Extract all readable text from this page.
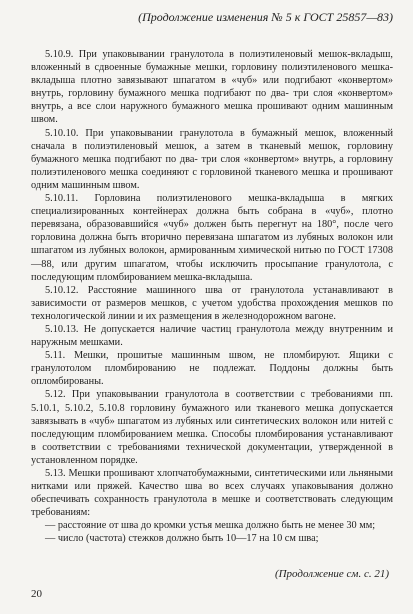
(Продолжение изменения № 5 к ГОСТ 25857—83)

5.10.9. При упаковывании гранулотола в полиэтиленовый мешок-вкладыш, вложенный в сдвоенные бумажные мешки, горловину полиэтиленового мешка-вкладыша плотно завязывают шпагатом в «чуб» или подгибают «конвертом» внутрь, горловину бумажного мешка подгибают по два- три слоя «конвертом» внутрь, а все слои наружного бумажного мешка прошивают одним машинным швом.

5.10.10. При упаковывании гранулотола в бумажный мешок, вложенный сначала в полиэтиленовый мешок, а затем в тканевый мешок, горловину бумажного мешка подгибают по два- три слоя «конвертом» внутрь, а горловину полиэтиленового мешка соединяют с горловиной тканевого мешка и прошивают одним машинным швом.

5.10.11. Горловина полиэтиленового мешка-вкладыша в мягких специализированных контейнерах должна быть собрана в «чуб», плотно перевязана, образовавшийся «чуб» должен быть перегнут на 180°, после чего горловина должна быть вторично перевязана шпагатом из лубяных волокон или шпагатом из лубяных волокон, армированным химической нитью по ГОСТ 17308—88, или другим шпагатом, чтобы исключить просыпание гранулотола, с последующим пломбированием мешка-вкладыша.

5.10.12. Расстояние машинного шва от гранулотола устанавливают в зависимости от размеров мешков, с учетом удобства прохождения мешков по технологической линии и их размещения в железнодорожном вагоне.

5.10.13. Не допускается наличие частиц гранулотола между внутренним и наружным мешками.

5.11. Мешки, прошитые машинным швом, не пломбируют. Ящики с гранулотолом пломбированию не подлежат. Поддоны должны быть опломбированы.

5.12. При упаковывании гранулотола в соответствии с требованиями пп. 5.10.1, 5.10.2, 5.10.8 горловину бумажного или тканевого мешка допускается завязывать в «чуб» шпагатом из лубяных или синтетических волокон или нитей с последующим пломбированием мешка. Способы пломбирования устанавливают в соответствии с требованиями технической документации, утвержденной в установленном порядке.

5.13. Мешки прошивают хлопчатобумажными, синтетическими или льняными нитками или пряжей. Качество шва во всех случаях упаковывания должно обеспечивать сохранность гранулотола в мешке и соответствовать следующим требованиям:

— расстояние от шва до кромки устья мешка должно быть не менее 30 мм;

— число (частота) стежков должно быть 10—17 на 10 см шва;

(Продолжение см. с. 21)
20
